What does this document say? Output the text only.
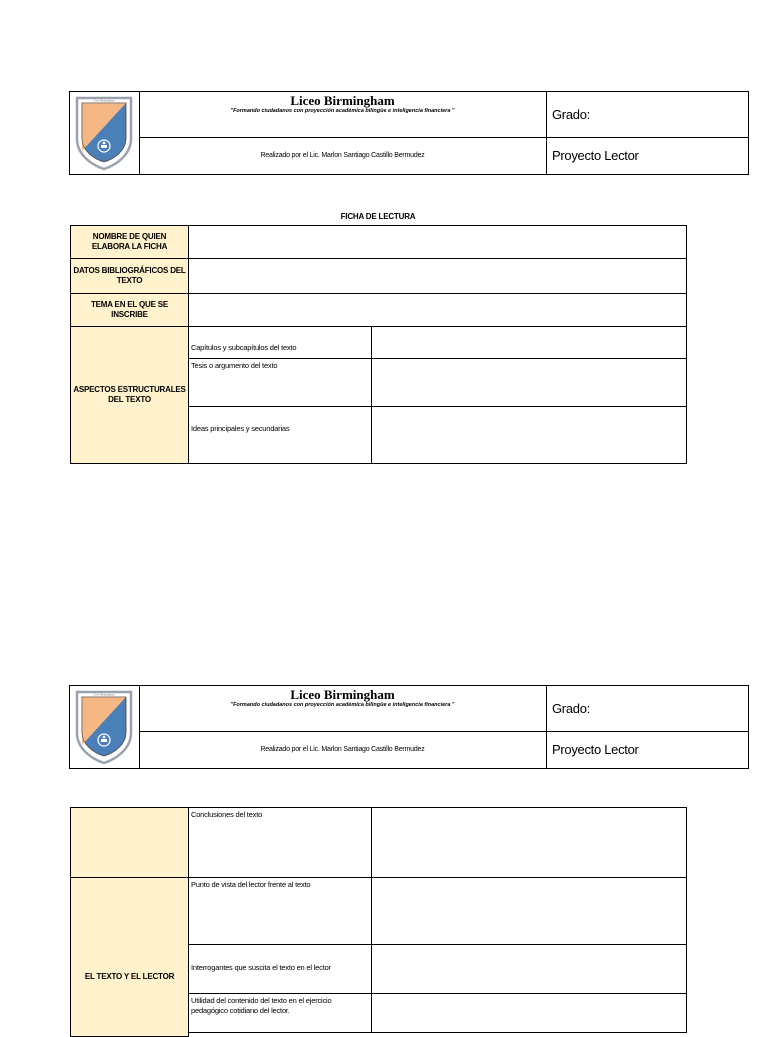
Liceo Birmingham	Liceo Birmingham
"Formando ciudadanos con proyección académica bilingüe e inteligencia financiera "
Realizado por el Lic. Marlon Santiago Castillo Bermudez
Grado:
Proyecto Lector
FICHA DE LECTURA
NOMBRE DE QUIEN ELABORA LA FICHA
DATOS BIBLIOGRÁFICOS DEL TEXTO
TEMA EN EL QUE SE INSCRIBE
ASPECTOS ESTRUCTURALES DEL TEXTO
Capítulos y subcapítulos del texto
Tesis o argumento del texto
Ideas principales y secundarias
Liceo Birmingham	Liceo Birmingham
"Formando ciudadanos con proyección académica bilingüe e inteligencia financiera "
Realizado por el Lic. Marlon Santiago Castillo Bermudez
Grado:
Proyecto Lector
Conclusiones del texto
EL TEXTO Y EL LECTOR
Punto de vista del lector frente al texto
Interrogantes que suscita el texto en el lector
Utilidad del contenido del texto en el ejercicio pedagógico cotidiano del lector.
